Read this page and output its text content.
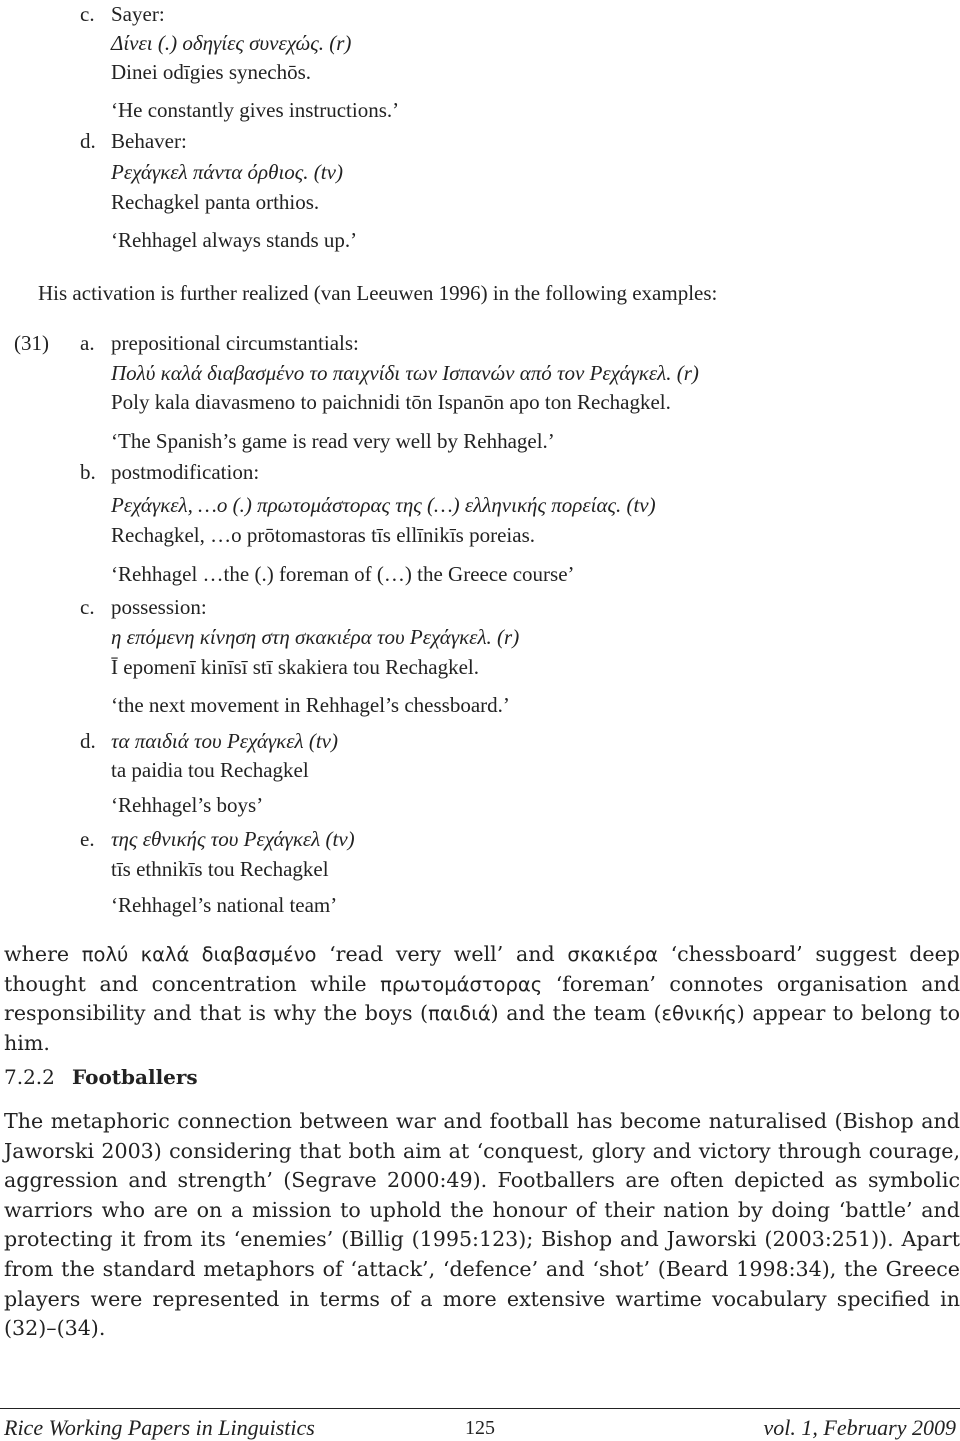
c. Sayer:
Δίνει (.) οδηγίες συνεχώς. (r)
Dinei odīgies synechōs.
‘He constantly gives instructions.’
d. Behaver:
Ρεχάγκελ πάντα όρθιος. (tv)
Rechagkel panta orthios.
‘Rehhagel always stands up.’
His activation is further realized (van Leeuwen 1996) in the following examples:
(31) a. prepositional circumstantials:
Πολύ καλά διαβασμένο το παιχνίδι των Ισπανών από τον Ρεχάγκελ. (r)
Poly kala diavasmeno to paichnidi tōn Ispanōn apo ton Rechagkel.
‘The Spanish’s game is read very well by Rehhagel.’
b. postmodification:
Ρεχάγκελ, …ο (.) πρωτομάστορας της (…) ελληνικής πορείας. (tv)
Rechagkel, …o prōtomastoras tīs ellīnikīs poreias.
‘Rehhagel …the (.) foreman of (…) the Greece course’
c. possession:
η επόμενη κίνηση στη σκακιέρα του Ρεχάγκελ. (r)
Ī epomenī kinīsī stī skakiera tou Rechagkel.
‘the next movement in Rehhagel’s chessboard.’
d. τα παιδιά του Ρεχάγκελ (tv)
ta paidia tou Rechagkel
‘Rehhagel’s boys’
e. της εθνικής του Ρεχάγκελ (tv)
tīs ethnikīs tou Rechagkel
‘Rehhagel’s national team’

where πολύ καλά διαβασμένο ‘read very well’ and σκακιέρα ‘chessboard’ suggest deep thought and concentration while πρωτομάστορας ‘foreman’ connotes organisation and responsibility and that is why the boys (παιδιά) and the team (εθνικής) appear to belong to him.

7.2.2 Footballers

The metaphoric connection between war and football has become naturalised (Bishop and Jaworski 2003) considering that both aim at ‘conquest, glory and victory through courage, aggression and strength’ (Segrave 2000:49). Footballers are often depicted as symbolic warriors who are on a mission to uphold the honour of their nation by doing ‘battle’ and protecting it from its ‘enemies’ (Billig (1995:123); Bishop and Jaworski (2003:251)). Apart from the standard metaphors of ‘attack’, ‘defence’ and ‘shot’ (Beard 1998:34), the Greece players were represented in terms of a more extensive wartime vocabulary specified in (32)–(34).

Rice Working Papers in Linguistics	125	vol. 1, February 2009
